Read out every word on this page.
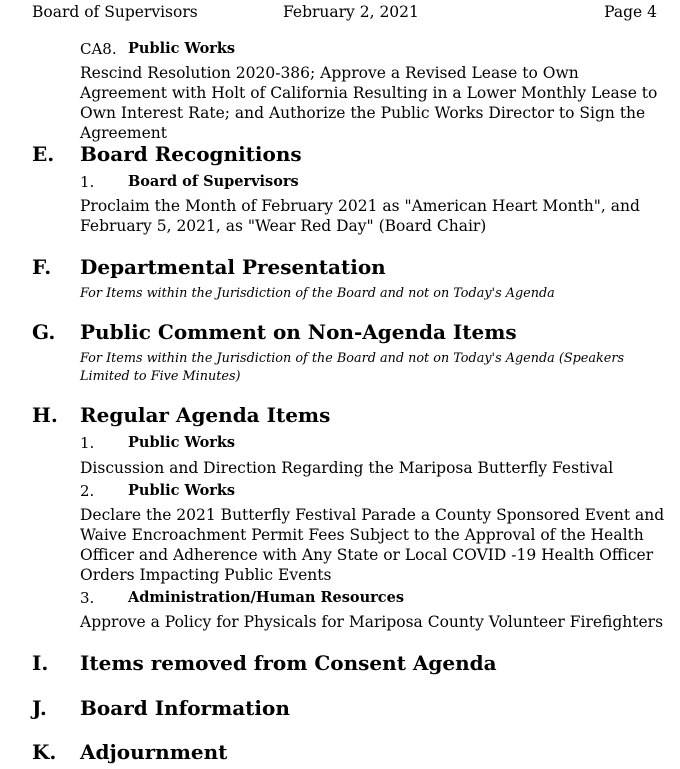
Board of Supervisors	February 2, 2021	Page 4
CA8. Public Works
Rescind Resolution 2020-386; Approve a Revised Lease to Own Agreement with Holt of California Resulting in a Lower Monthly Lease to Own Interest Rate; and Authorize the Public Works Director to Sign the Agreement
E. Board Recognitions
1. Board of Supervisors
Proclaim the Month of February 2021 as "American Heart Month", and February 5, 2021, as "Wear Red Day" (Board Chair)
F. Departmental Presentation
For Items within the Jurisdiction of the Board and not on Today's Agenda
G. Public Comment on Non-Agenda Items
For Items within the Jurisdiction of the Board and not on Today's Agenda (Speakers Limited to Five Minutes)
H. Regular Agenda Items
1. Public Works
Discussion and Direction Regarding the Mariposa Butterfly Festival
2. Public Works
Declare the 2021 Butterfly Festival Parade a County Sponsored Event and Waive Encroachment Permit Fees Subject to the Approval of the Health Officer and Adherence with Any State or Local COVID -19 Health Officer Orders Impacting Public Events
3. Administration/Human Resources
Approve a Policy for Physicals for Mariposa County Volunteer Firefighters
I. Items removed from Consent Agenda
J. Board Information
K. Adjournment
